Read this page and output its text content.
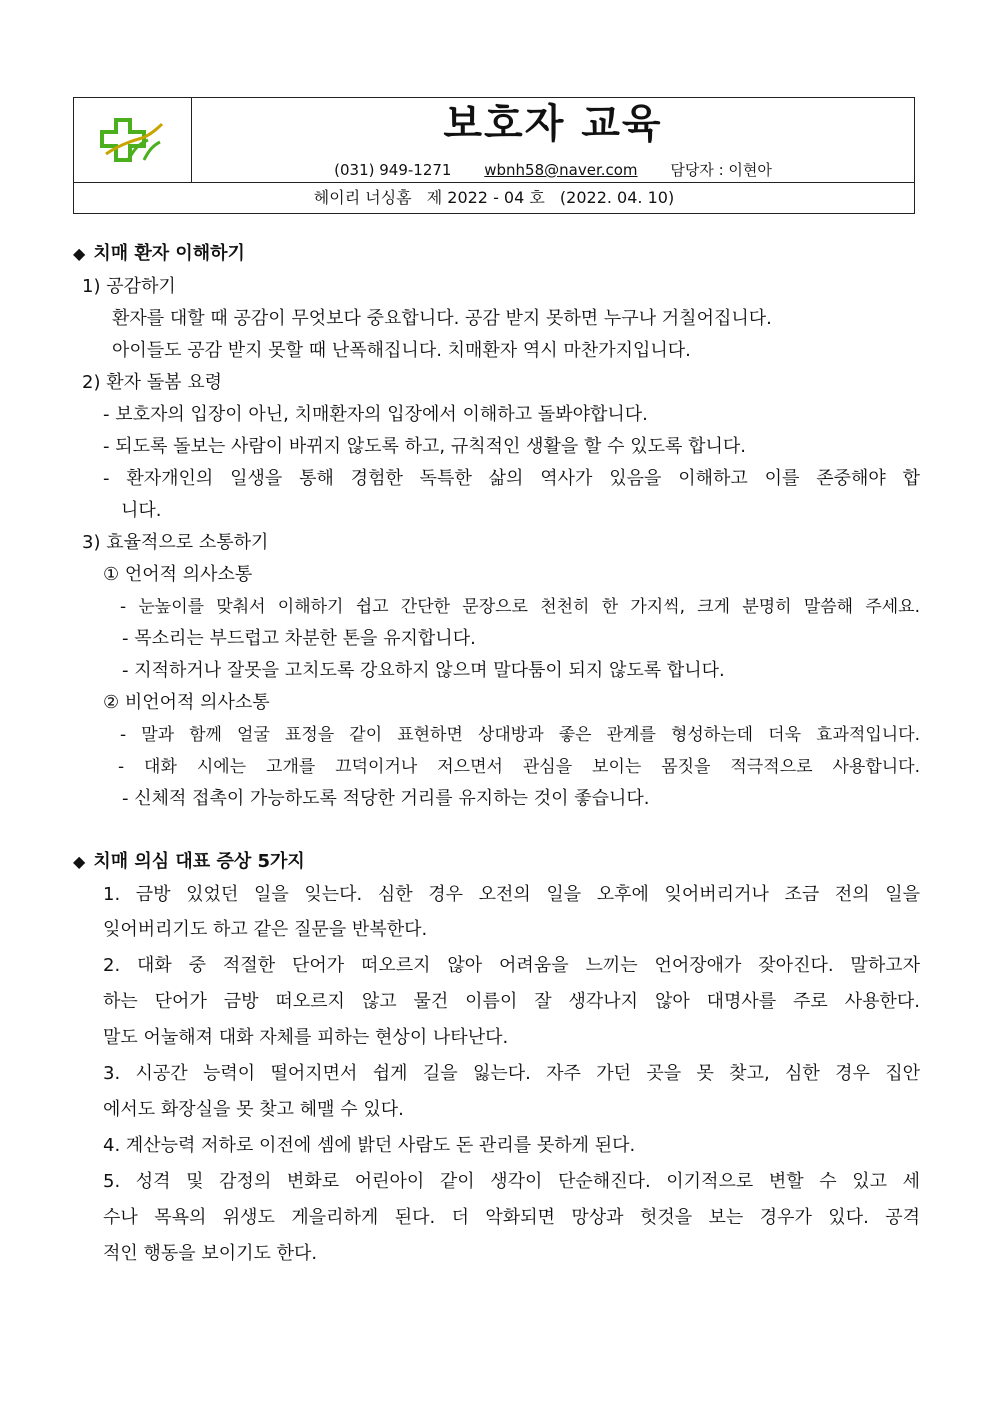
보호자 교육
(031) 949-1271 wbnh58@naver.com 담당자 : 이현아
헤이리 너싱홈 제 2022 - 04 호 (2022. 04. 10)
◆ 치매 환자 이해하기
1) 공감하기
환자를 대할 때 공감이 무엇보다 중요합니다. 공감 받지 못하면 누구나 거칠어집니다.
아이들도 공감 받지 못할 때 난폭해집니다. 치매환자 역시 마찬가지입니다.
2) 환자 돌봄 요령
- 보호자의 입장이 아닌, 치매환자의 입장에서 이해하고 돌봐야합니다.
- 되도록 돌보는 사람이 바뀌지 않도록 하고, 규칙적인 생활을 할 수 있도록 합니다.
- 환자개인의 일생을 통해 경험한 독특한 삶의 역사가 있음을 이해하고 이를 존중해야 합
니다.
3) 효율적으로 소통하기
① 언어적 의사소통
- 눈높이를 맞춰서 이해하기 쉽고 간단한 문장으로 천천히 한 가지씩, 크게 분명히 말씀해 주세요.
- 목소리는 부드럽고 차분한 톤을 유지합니다.
- 지적하거나 잘못을 고치도록 강요하지 않으며 말다툼이 되지 않도록 합니다.
② 비언어적 의사소통
- 말과 함께 얼굴 표정을 같이 표현하면 상대방과 좋은 관계를 형성하는데 더욱 효과적입니다.
- 대화 시에는 고개를 끄덕이거나 저으면서 관심을 보이는 몸짓을 적극적으로 사용합니다.
- 신체적 접촉이 가능하도록 적당한 거리를 유지하는 것이 좋습니다.
◆ 치매 의심 대표 증상 5가지
1. 금방 있었던 일을 잊는다. 심한 경우 오전의 일을 오후에 잊어버리거나 조금 전의 일을
잊어버리기도 하고 같은 질문을 반복한다.
2. 대화 중 적절한 단어가 떠오르지 않아 어려움을 느끼는 언어장애가 잦아진다. 말하고자
하는 단어가 금방 떠오르지 않고 물건 이름이 잘 생각나지 않아 대명사를 주로 사용한다.
말도 어눌해져 대화 자체를 피하는 현상이 나타난다.
3. 시공간 능력이 떨어지면서 쉽게 길을 잃는다. 자주 가던 곳을 못 찾고, 심한 경우 집안
에서도 화장실을 못 찾고 헤맬 수 있다.
4. 계산능력 저하로 이전에 셈에 밝던 사람도 돈 관리를 못하게 된다.
5. 성격 및 감정의 변화로 어린아이 같이 생각이 단순해진다. 이기적으로 변할 수 있고 세
수나 목욕의 위생도 게을리하게 된다. 더 악화되면 망상과 헛것을 보는 경우가 있다. 공격
적인 행동을 보이기도 한다.
